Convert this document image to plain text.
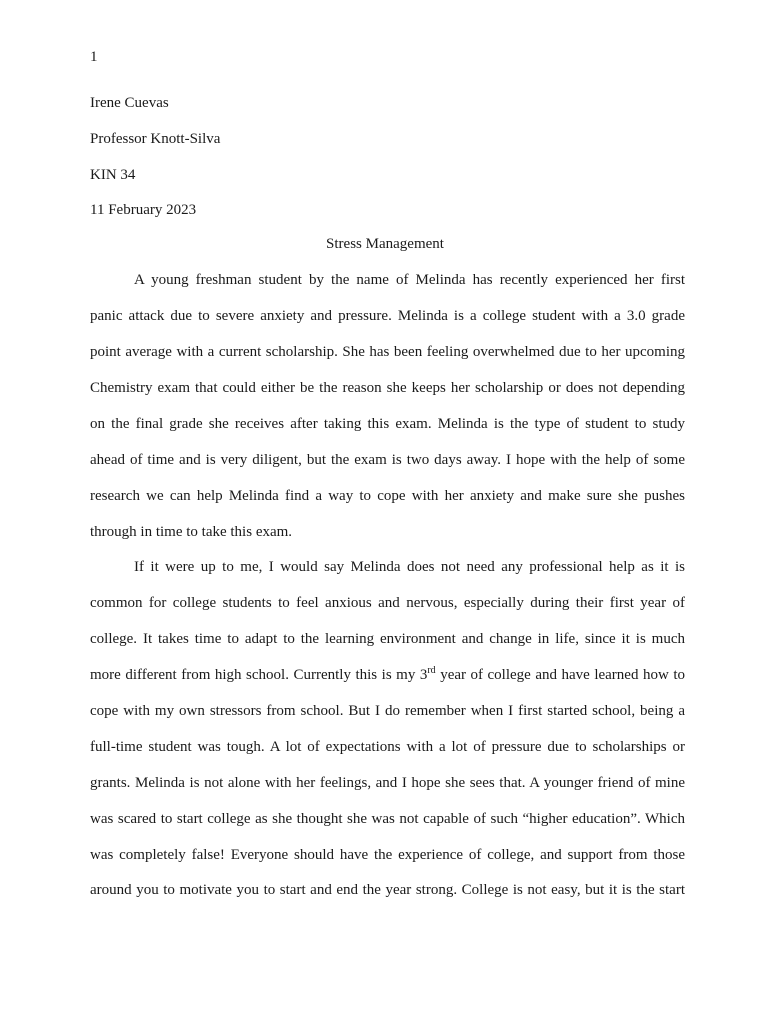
1
Irene Cuevas
Professor Knott-Silva
KIN 34
11 February 2023
Stress Management
A young freshman student by the name of Melinda has recently experienced her first
panic attack due to severe anxiety and pressure. Melinda is a college student with a 3.0 grade
point average with a current scholarship. She has been feeling overwhelmed due to her upcoming
Chemistry exam that could either be the reason she keeps her scholarship or does not depending
on the final grade she receives after taking this exam. Melinda is the type of student to study
ahead of time and is very diligent, but the exam is two days away. I hope with the help of some
research we can help Melinda find a way to cope with her anxiety and make sure she pushes
through in time to take this exam.
If it were up to me, I would say Melinda does not need any professional help as it is
common for college students to feel anxious and nervous, especially during their first year of
college. It takes time to adapt to the learning environment and change in life, since it is much
more different from high school. Currently this is my 3rd year of college and have learned how to
cope with my own stressors from school. But I do remember when I first started school, being a
full-time student was tough. A lot of expectations with a lot of pressure due to scholarships or
grants. Melinda is not alone with her feelings, and I hope she sees that. A younger friend of mine
was scared to start college as she thought she was not capable of such “higher education”. Which
was completely false! Everyone should have the experience of college, and support from those
around you to motivate you to start and end the year strong. College is not easy, but it is the start
